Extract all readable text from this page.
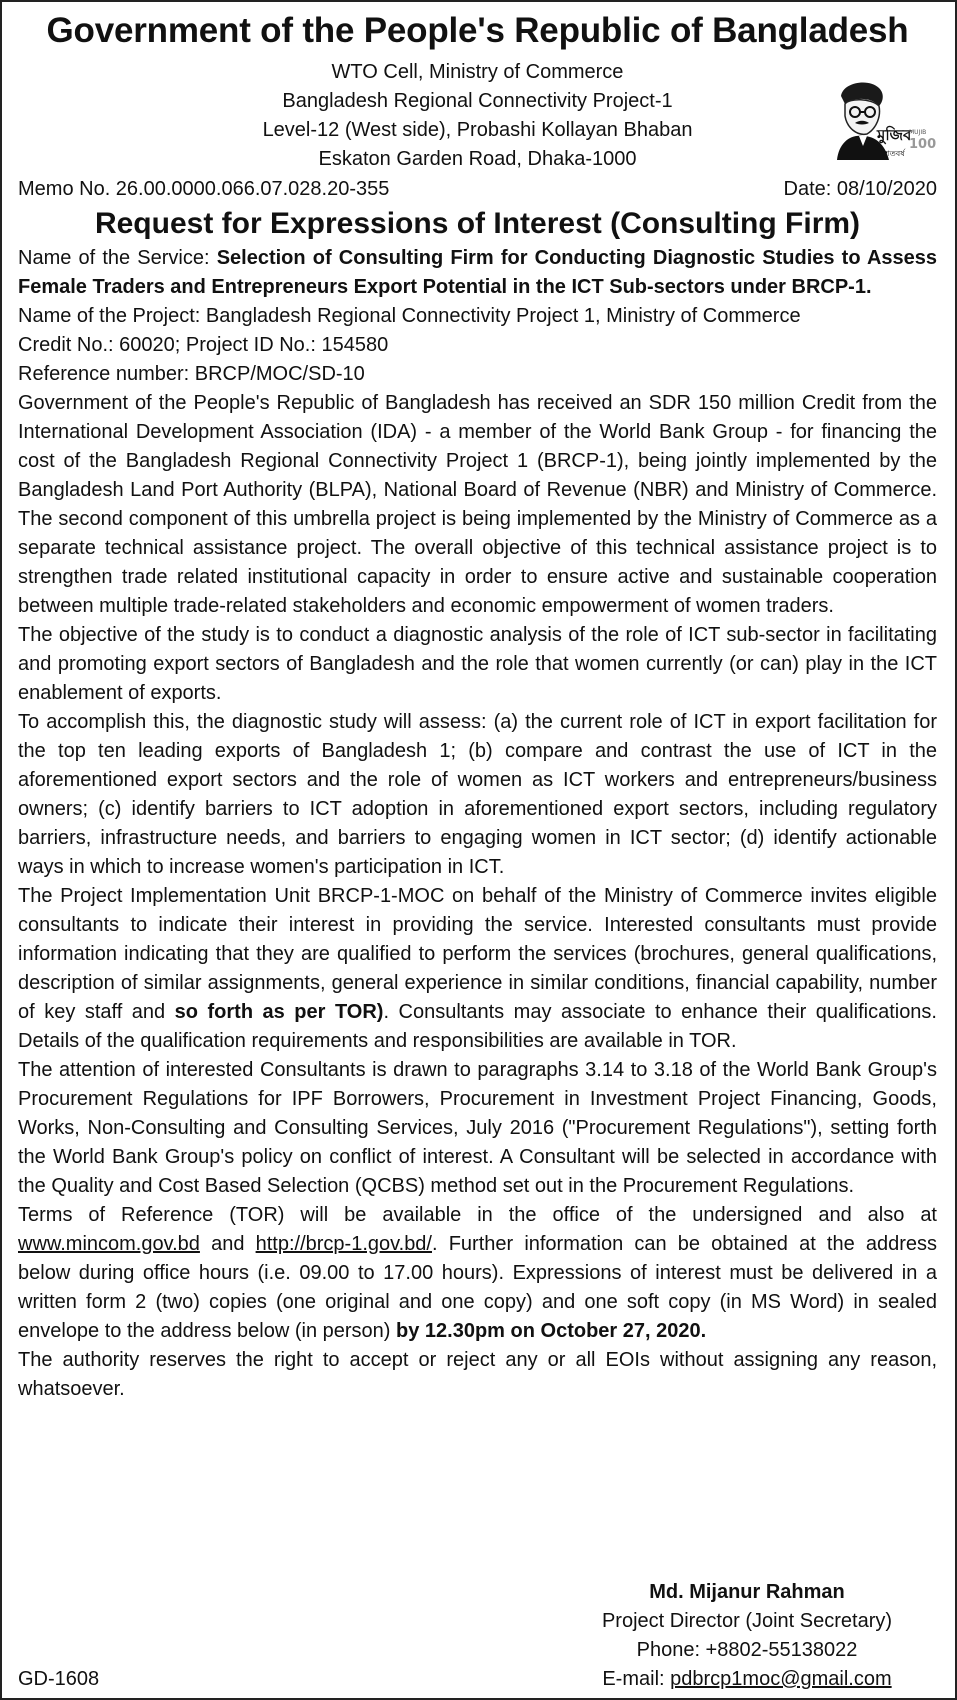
Government of the People's Republic of Bangladesh
WTO Cell, Ministry of Commerce
Bangladesh Regional Connectivity Project-1
Level-12 (West side), Probashi Kollayan Bhaban
Eskaton Garden Road, Dhaka-1000
মুজিব
শতবর্ষ
MUJIB
100
Memo No. 26.00.0000.066.07.028.20-355	Date: 08/10/2020
Request for Expressions of Interest (Consulting Firm)

Name of the Service: Selection of Consulting Firm for Conducting Diagnostic Studies to Assess Female Traders and Entrepreneurs Export Potential in the ICT Sub-sectors under BRCP-1.

Name of the Project: Bangladesh Regional Connectivity Project 1, Ministry of Commerce

Credit No.: 60020; Project ID No.: 154580

Reference number: BRCP/MOC/SD-10

Government of the People's Republic of Bangladesh has received an SDR 150 million Credit from the International Development Association (IDA) - a member of the World Bank Group - for financing the cost of the Bangladesh Regional Connectivity Project 1 (BRCP-1), being jointly implemented by the Bangladesh Land Port Authority (BLPA), National Board of Revenue (NBR) and Ministry of Commerce. The second component of this umbrella project is being implemented by the Ministry of Commerce as a separate technical assistance project. The overall objective of this technical assistance project is to strengthen trade related institutional capacity in order to ensure active and sustainable cooperation between multiple trade-related stakeholders and economic empowerment of women traders.

The objective of the study is to conduct a diagnostic analysis of the role of ICT sub-sector in facilitating and promoting export sectors of Bangladesh and the role that women currently (or can) play in the ICT enablement of exports.

To accomplish this, the diagnostic study will assess: (a) the current role of ICT in export facilitation for the top ten leading exports of Bangladesh 1; (b) compare and contrast the use of ICT in the aforementioned export sectors and the role of women as ICT workers and entrepreneurs/business owners; (c) identify barriers to ICT adoption in aforementioned export sectors, including regulatory barriers, infrastructure needs, and barriers to engaging women in ICT sector; (d) identify actionable ways in which to increase women's participation in ICT.

The Project Implementation Unit BRCP-1-MOC on behalf of the Ministry of Commerce invites eligible consultants to indicate their interest in providing the service. Interested consultants must provide information indicating that they are qualified to perform the services (brochures, general qualifications, description of similar assignments, general experience in similar conditions, financial capability, number of key staff and so forth as per TOR). Consultants may associate to enhance their qualifications. Details of the qualification requirements and responsibilities are available in TOR.

The attention of interested Consultants is drawn to paragraphs 3.14 to 3.18 of the World Bank Group's Procurement Regulations for IPF Borrowers, Procurement in Investment Project Financing, Goods, Works, Non-Consulting and Consulting Services, July 2016 ("Procurement Regulations"), setting forth the World Bank Group's policy on conflict of interest. A Consultant will be selected in accordance with the Quality and Cost Based Selection (QCBS) method set out in the Procurement Regulations.

Terms of Reference (TOR) will be available in the office of the undersigned and also at www.mincom.gov.bd and http://brcp-1.gov.bd/. Further information can be obtained at the address below during office hours (i.e. 09.00 to 17.00 hours). Expressions of interest must be delivered in a written form 2 (two) copies (one original and one copy) and one soft copy (in MS Word) in sealed envelope to the address below (in person) by 12.30pm on October 27, 2020.

The authority reserves the right to accept or reject any or all EOIs without assigning any reason, whatsoever.

Md. Mijanur Rahman
Project Director (Joint Secretary)
Phone: +8802-55138022
E-mail: pdbrcp1moc@gmail.com
GD-1608
